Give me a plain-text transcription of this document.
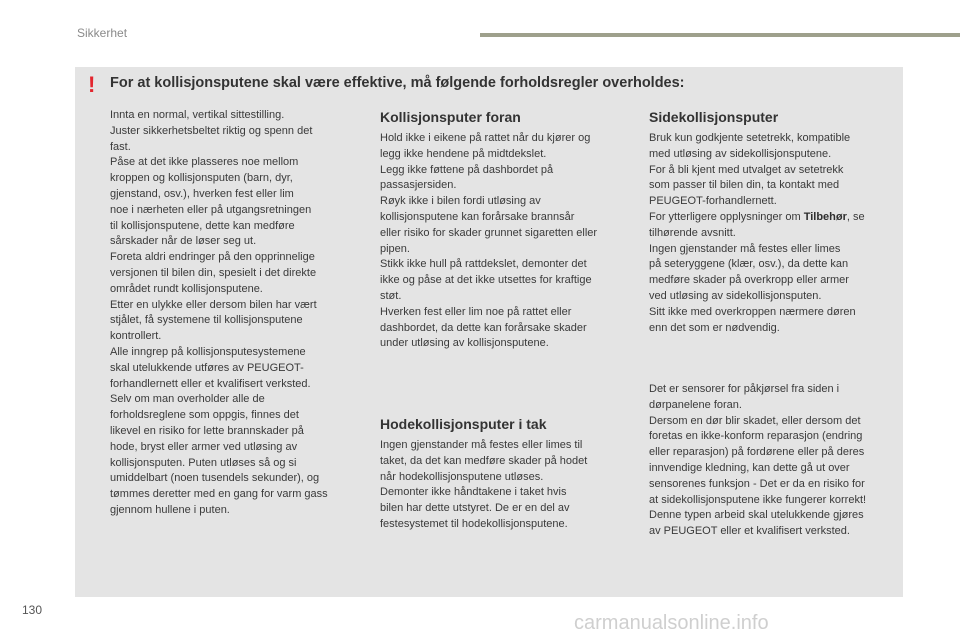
Sikkerhet
! For at kollisjonsputene skal være effektive, må følgende forholdsregler overholdes:

Innta en normal, vertikal sittestilling.

Juster sikkerhetsbeltet riktig og spenn det

fast.

Påse at det ikke plasseres noe mellom

kroppen og kollisjonsputen (barn, dyr,

gjenstand, osv.), hverken fest eller lim

noe i nærheten eller på utgangsretningen

til kollisjonsputene, dette kan medføre

sårskader når de løser seg ut.

Foreta aldri endringer på den opprinnelige

versjonen til bilen din, spesielt i det direkte

området rundt kollisjonsputene.

Etter en ulykke eller dersom bilen har vært

stjålet, få systemene til kollisjonsputene

kontrollert.

Alle inngrep på kollisjonsputesystemene

skal utelukkende utføres av PEUGEOT-

forhandlernett eller et kvalifisert verksted.

Selv om man overholder alle de

forholdsreglene som oppgis, finnes det

likevel en risiko for lette brannskader på

hode, bryst eller armer ved utløsing av

kollisjonsputen. Puten utløses så og si

umiddelbart (noen tusendels sekunder), og

tømmes deretter med en gang for varm gass

gjennom hullene i puten.

Kollisjonsputer foran

Hold ikke i eikene på rattet når du kjører og

legg ikke hendene på midtdekslet.

Legg ikke føttene på dashbordet på

passasjersiden.

Røyk ikke i bilen fordi utløsing av

kollisjonsputene kan forårsake brannsår

eller risiko for skader grunnet sigaretten eller

pipen.

Stikk ikke hull på rattdekslet, demonter det

ikke og påse at det ikke utsettes for kraftige

støt.

Hverken fest eller lim noe på rattet eller

dashbordet, da dette kan forårsake skader

under utløsing av kollisjonsputene.

Hodekollisjonsputer i tak

Ingen gjenstander må festes eller limes til

taket, da det kan medføre skader på hodet

når hodekollisjonsputene utløses.

Demonter ikke håndtakene i taket hvis

bilen har dette utstyret. De er en del av

festesystemet til hodekollisjonsputene.

Sidekollisjonsputer

Bruk kun godkjente setetrekk, kompatible

med utløsing av sidekollisjonsputene.

For å bli kjent med utvalget av setetrekk

som passer til bilen din, ta kontakt med

PEUGEOT-forhandlernett.

For ytterligere opplysninger om Tilbehør, se

tilhørende avsnitt.

Ingen gjenstander må festes eller limes

på seteryggene (klær, osv.), da dette kan

medføre skader på overkropp eller armer

ved utløsing av sidekollisjonsputen.

Sitt ikke med overkroppen nærmere døren

enn det som er nødvendig.

Det er sensorer for påkjørsel fra siden i

dørpanelene foran.

Dersom en dør blir skadet, eller dersom det

foretas en ikke-konform reparasjon (endring

eller reparasjon) på fordørene eller på deres

innvendige kledning, kan dette gå ut over

sensorenes funksjon - Det er da en risiko for

at sidekollisjonsputene ikke fungerer korrekt!

Denne typen arbeid skal utelukkende gjøres

av PEUGEOT eller et kvalifisert verksted.

130
carmanualsonline.info
